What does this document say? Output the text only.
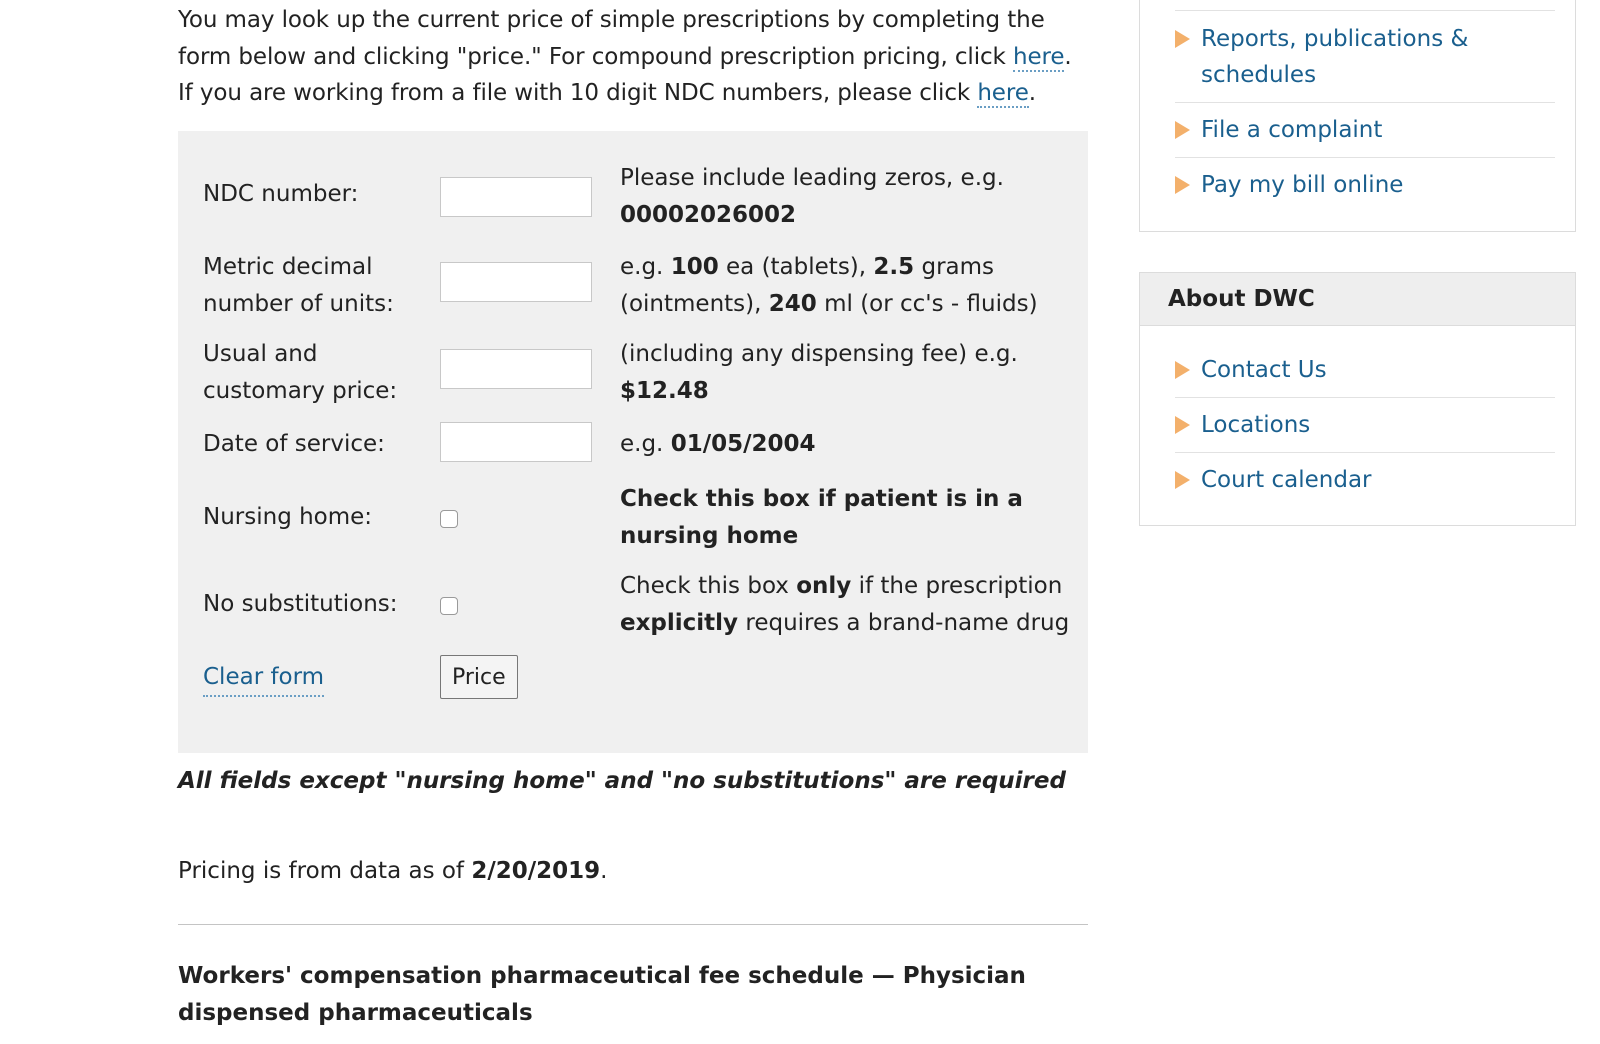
You may look up the current price of simple prescriptions by completing the form below and clicking "price." For compound prescription pricing, click here. If you are working from a file with 10 digit NDC numbers, please click here.

NDC number:
Please include leading zeros, e.g.
00002026002
Metric decimal number of units:
e.g. 100 ea (tablets), 2.5 grams (ointments), 240 ml (or cc's - fluids)
Usual and customary price:
(including any dispensing fee) e.g.
$12.48
Date of service:	e.g. 01/05/2004
Nursing home:
Check this box if patient is in a nursing home
No substitutions:
Check this box only if the prescription explicitly requires a brand-name drug
Clear form	Price
All fields except "nursing home" and "no substitutions" are required
Pricing is from data as of 2/20/2019.
Workers' compensation pharmaceutical fee schedule — Physician dispensed pharmaceuticals
Reports, publications & schedules
File a complaint
Pay my bill online
About DWC
Contact Us
Locations
Court calendar
